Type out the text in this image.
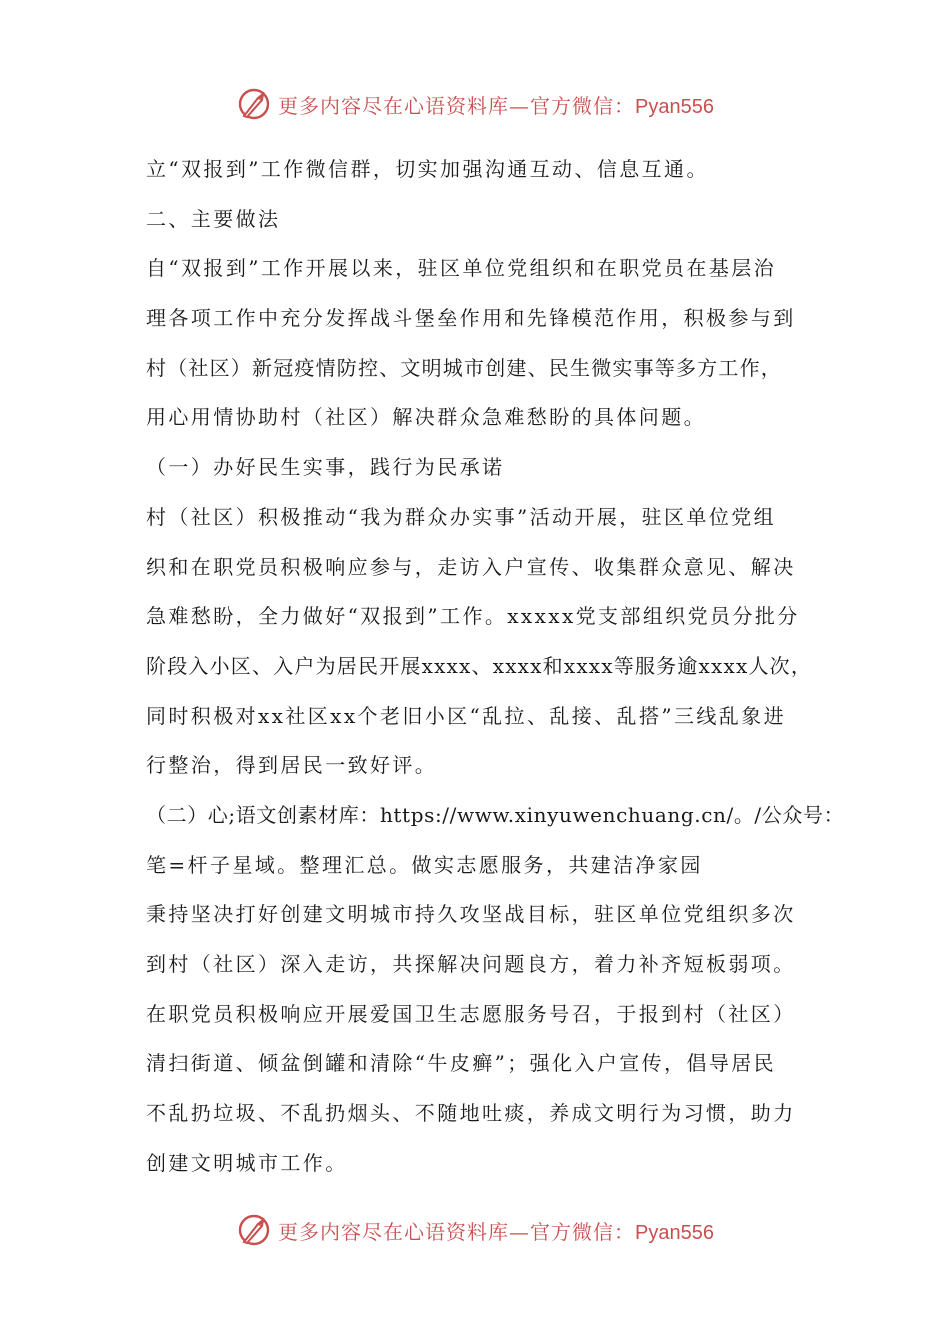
更多内容尽在心语资料库—官方微信：Pyan556
立“双报到”工作微信群，切实加强沟通互动、信息互通。
二、主要做法
自“双报到”工作开展以来，驻区单位党组织和在职党员在基层治
理各项工作中充分发挥战斗堡垒作用和先锋模范作用，积极参与到
村（社区）新冠疫情防控、文明城市创建、民生微实事等多方工作，
用心用情协助村（社区）解决群众急难愁盼的具体问题。
（一）办好民生实事，践行为民承诺
村（社区）积极推动“我为群众办实事”活动开展，驻区单位党组
织和在职党员积极响应参与，走访入户宣传、收集群众意见、解决
急难愁盼，全力做好“双报到”工作。xxxxx党支部组织党员分批分
阶段入小区、入户为居民开展xxxx、xxxx和xxxx等服务逾xxxx人次，
同时积极对xx社区xx个老旧小区“乱拉、乱接、乱搭”三线乱象进
行整治，得到居民一致好评。
（二）心;语文创素材库：https://www.xinyuwenchuang.cn/。/公众号：
笔=杆子星域。整理汇总。做实志愿服务，共建洁净家园
秉持坚决打好创建文明城市持久攻坚战目标，驻区单位党组织多次
到村（社区）深入走访，共探解决问题良方，着力补齐短板弱项。
在职党员积极响应开展爱国卫生志愿服务号召，于报到村（社区）
清扫街道、倾盆倒罐和清除“牛皮癣”；强化入户宣传，倡导居民
不乱扔垃圾、不乱扔烟头、不随地吐痰，养成文明行为习惯，助力
创建文明城市工作。
更多内容尽在心语资料库—官方微信：Pyan556
